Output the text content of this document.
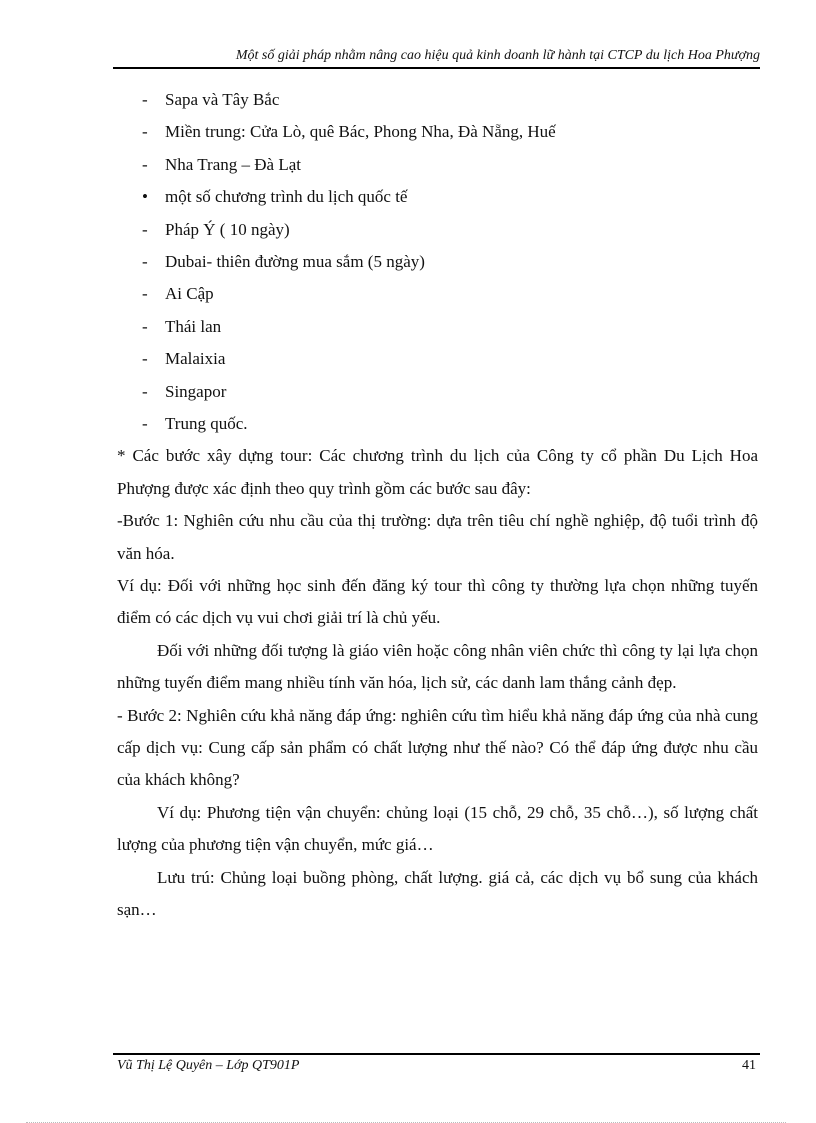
Một số giải pháp nhằm nâng cao hiệu quả kinh doanh lữ hành tại CTCP du lịch Hoa Phượng
-	Sapa và Tây Bắc
-	Miền trung: Cửa Lò, quê Bác, Phong Nha, Đà Nẵng, Huế
-	Nha Trang – Đà Lạt
•	một số chương trình du lịch quốc tế
-	Pháp Ý ( 10 ngày)
-	Dubai- thiên đường mua sắm (5 ngày)
-	Ai Cập
-	Thái lan
-	Malaixia
-	Singapor
-	Trung quốc.

* Các bước xây dựng tour: Các chương trình du lịch của Công ty cổ phần Du Lịch Hoa Phượng được xác định theo quy trình gồm các bước sau đây:

-Bước 1: Nghiên cứu nhu cầu của thị trường: dựa trên tiêu chí nghề nghiệp, độ tuổi trình độ văn hóa.

Ví dụ: Đối với những học sinh đến đăng ký tour thì công ty thường lựa chọn những tuyến điểm có các dịch vụ vui chơi giải trí là chủ yếu.

Đối với những đối tượng là giáo viên hoặc công nhân viên chức thì công ty lại lựa chọn những tuyến điểm mang nhiều tính văn hóa, lịch sử, các danh lam thắng cảnh đẹp.

- Bước 2: Nghiên cứu khả năng đáp ứng: nghiên cứu tìm hiểu khả năng đáp ứng của nhà cung cấp dịch vụ: Cung cấp sản phẩm có chất lượng như thế nào? Có thể đáp ứng được nhu cầu của khách không?

Ví dụ: Phương tiện vận chuyển: chủng loại (15 chỗ, 29 chỗ, 35 chỗ…), số lượng chất lượng của phương tiện vận chuyển, mức giá…

Lưu trú: Chủng loại buồng phòng, chất lượng. giá cả, các dịch vụ bổ sung của khách sạn…

Vũ Thị Lệ Quyên – Lớp QT901P	41
